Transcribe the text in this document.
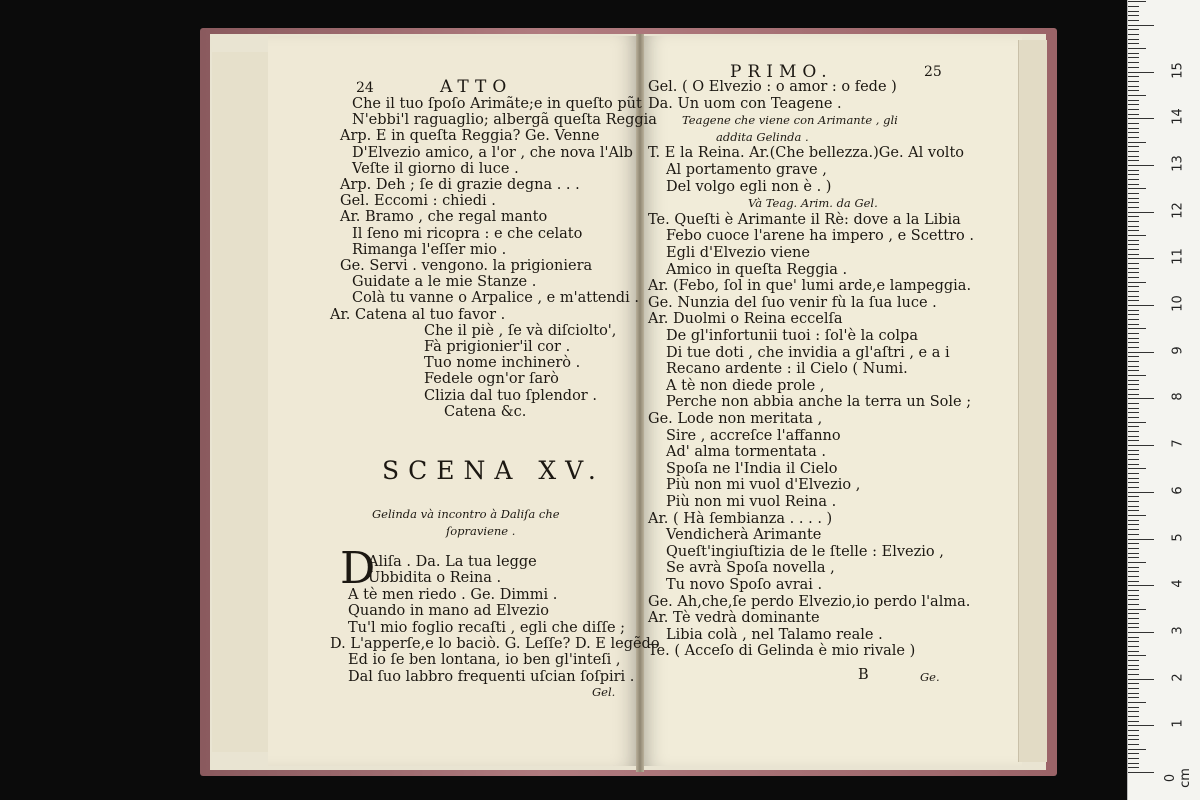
24	ATTO
Che il tuo ſpoſo Arimãte;e in queſto pũt
N'ebbi'l raguaglio; albergã queſta Reggia
Arp. E in queſta Reggia? Ge. Venne
D'Elvezio amico, a l'or , che nova l'Alb
Veſte il giorno di luce .
Arp. Deh ; ſe di grazie degna . . .
Gel. Eccomi : chiedi .
Ar. Bramo , che regal manto
Il ſeno mi ricopra : e che celato
Rimanga l'eſſer mio .
Ge. Servi . vengono. la prigioniera
Guidate a le mie Stanze .
Colà tu vanne o Arpalice , e m'attendi .
Ar. Catena al tuo favor .
Che il piè , ſe và diſciolto',
Fà prigionier'il cor .
Tuo nome inchinerò .
Fedele ogn'or ſarò
Clizia dal tuo ſplendor .
Catena &c.
SCENA XV.
Gelinda và incontro à Daliſa che
ſopraviene .
D
Aliſa . Da. La tua legge
Ubbidita o Reina .
A tè men riedo . Ge. Dimmi .
Quando in mano ad Elvezio
Tu'l mio foglio recaſti , egli che diſſe ;
D. L'apperſe,e lo baciò. G. Leſſe? D. E legẽdo
Ed io ſe ben lontana, io ben gl'inteſi ,
Dal ſuo labbro frequenti uſcian ſoſpiri .
Gel.
PRIMO.	25
Gel. ( O Elvezio : o amor : o fede )
Da. Un uom con Teagene .
Teagene che viene con Arimante , gli
addita Gelinda .
T. E la Reina. Ar.(Che bellezza.)Ge. Al volto
Al portamento grave ,
Del volgo egli non è . )
Và Teag. Arim. da Gel.
Te. Queſti è Arimante il Rè: dove a la Libia
Febo cuoce l'arene ha impero , e Scettro .
Egli d'Elvezio viene
Amico in queſta Reggia .
Ar. (Febo, ſol in que' lumi arde,e lampeggia.
Ge. Nunzia del ſuo venir fù la ſua luce .
Ar. Duolmi o Reina eccelſa
De gl'infortunii tuoi : ſol'è la colpa
Di tue doti , che invidia a gl'aſtri , e a i
Recano ardente : il Cielo ( Numi.
A tè non diede prole ,
Perche non abbia anche la terra un Sole ;
Ge. Lode non meritata ,
Sire , accreſce l'affanno
Ad' alma tormentata .
Spoſa ne l'India il Cielo
Più non mi vuol d'Elvezio ,
Più non mi vuol Reina .
Ar. ( Hà ſembianza . . . . )
Vendicherà Arimante
Queſt'ingiuſtizia de le ſtelle : Elvezio ,
Se avrà Spoſa novella ,
Tu novo Spoſo avrai .
Ge. Ah,che,ſe perdo Elvezio,io perdo l'alma.
Ar. Tè vedrà dominante
Libia colà , nel Talamo reale .
Te. ( Acceſo di Gelinda è mio rivale )
B	Ge.
0 cm
1
2
3
4
5
6
7
8
9
10
11
12
13
14
15
